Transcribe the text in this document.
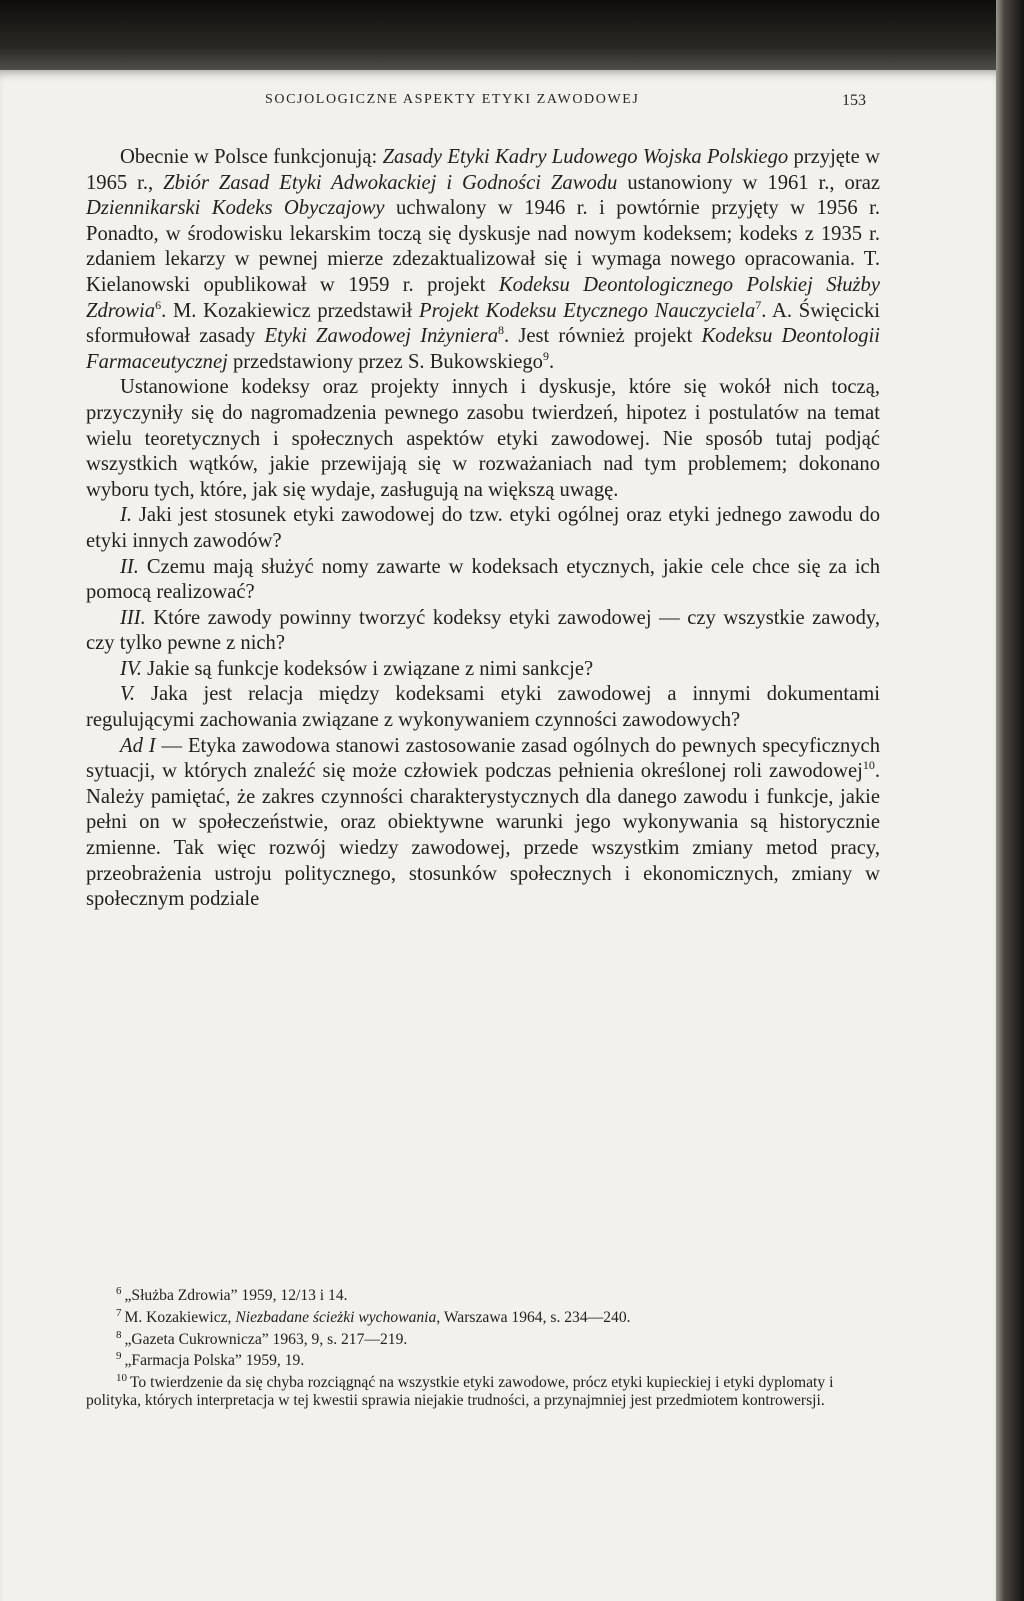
SOCJOLOGICZNE ASPEKTY ETYKI ZAWODOWEJ	153

Obecnie w Polsce funkcjonują: Zasady Etyki Kadry Ludowego Wojska Polskiego przyjęte w 1965 r., Zbiór Zasad Etyki Adwokackiej i Godności Zawodu ustanowiony w 1961 r., oraz Dziennikarski Kodeks Obyczajowy uchwalony w 1946 r. i powtórnie przyjęty w 1956 r. Ponadto, w środowisku lekarskim toczą się dyskusje nad nowym kodeksem; kodeks z 1935 r. zdaniem lekarzy w pewnej mierze zdezaktualizował się i wymaga nowego opracowania. T. Kielanowski opublikował w 1959 r. projekt Kodeksu Deontologicznego Polskiej Służby Zdrowia$^6$. M. Kozakiewicz przedstawił Projekt Kodeksu Etycznego Nauczyciela$^7$. A. Święcicki sformułował zasady Etyki Zawodowej Inżyniera$^8$. Jest również projekt Kodeksu Deontologii Farmaceutycznej przedstawiony przez S. Bukowskiego$^9$.

Ustanowione kodeksy oraz projekty innych i dyskusje, które się wokół nich toczą, przyczyniły się do nagromadzenia pewnego zasobu twierdzeń, hipotez i postulatów na temat wielu teoretycznych i społecznych aspektów etyki zawodowej. Nie sposób tutaj podjąć wszystkich wątków, jakie przewijają się w rozważaniach nad tym problemem; dokonano wyboru tych, które, jak się wydaje, zasługują na większą uwagę.

I. Jaki jest stosunek etyki zawodowej do tzw. etyki ogólnej oraz etyki jednego zawodu do etyki innych zawodów?

II. Czemu mają służyć nomy zawarte w kodeksach etycznych, jakie cele chce się za ich pomocą realizować?

III. Które zawody powinny tworzyć kodeksy etyki zawodowej — czy wszystkie zawody, czy tylko pewne z nich?

IV. Jakie są funkcje kodeksów i związane z nimi sankcje?

V. Jaka jest relacja między kodeksami etyki zawodowej a innymi dokumentami regulującymi zachowania związane z wykonywaniem czynności zawodowych?

Ad I — Etyka zawodowa stanowi zastosowanie zasad ogólnych do pewnych specyficznych sytuacji, w których znaleźć się może człowiek podczas pełnienia określonej roli zawodowej$^{10}$. Należy pamiętać, że zakres czynności charakterystycznych dla danego zawodu i funkcje, jakie pełni on w społeczeństwie, oraz obiektywne warunki jego wykonywania są historycznie zmienne. Tak więc rozwój wiedzy zawodowej, przede wszystkim zmiany metod pracy, przeobrażenia ustroju politycznego, stosunków społecznych i ekonomicznych, zmiany w społecznym podziale

$^6$ „Służba Zdrowia” 1959, 12/13 i 14.

$^7$ M. Kozakiewicz, Niezbadane ścieżki wychowania, Warszawa 1964, s. 234—240.

$^8$ „Gazeta Cukrownicza” 1963, 9, s. 217—219.

$^9$ „Farmacja Polska” 1959, 19.

$^{10}$ To twierdzenie da się chyba rozciągnąć na wszystkie etyki zawodowe, prócz etyki kupieckiej i etyki dyplomaty i polityka, których interpretacja w tej kwestii sprawia niejakie trudności, a przynajmniej jest przedmiotem kontrowersji.
